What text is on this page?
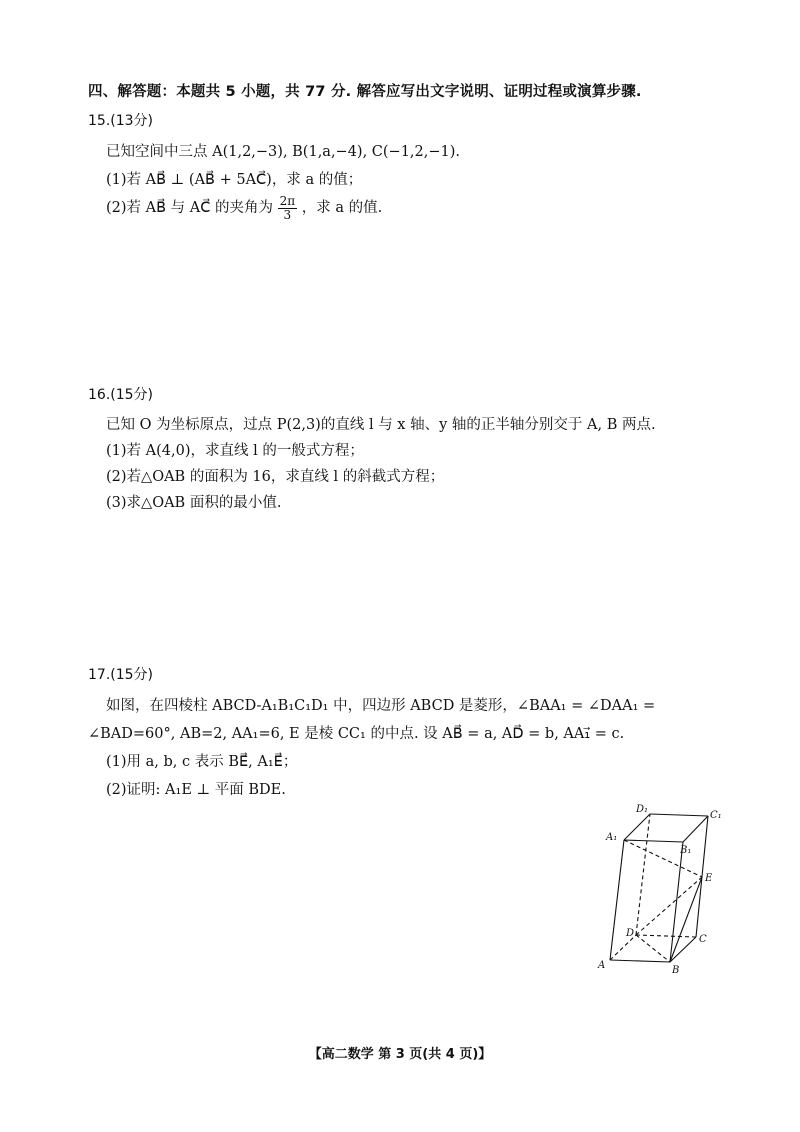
四、解答题：本题共 5 小题，共 77 分. 解答应写出文字说明、证明过程或演算步骤.
15.(13分)
已知空间中三点 A(1,2,−3), B(1,a,−4), C(−1,2,−1).
(1)若 AB⃗ ⊥ (AB⃗ + 5AC⃗)，求 a 的值；
(2)若 AB⃗ 与 AC⃗ 的夹角为 $\frac{2\pi}{3}$ ，求 a 的值.
16.(15分)
已知 O 为坐标原点，过点 P(2,3)的直线 l 与 x 轴、y 轴的正半轴分别交于 A, B 两点.
(1)若 A(4,0)，求直线 l 的一般式方程；
(2)若△OAB 的面积为 16，求直线 l 的斜截式方程；
(3)求△OAB 面积的最小值.
17.(15分)
如图，在四棱柱 ABCD-A₁B₁C₁D₁ 中，四边形 ABCD 是菱形，∠BAA₁ = ∠DAA₁ =
∠BAD=60°, AB=2, AA₁=6, E 是棱 CC₁ 的中点. 设 AB⃗ = a, AD⃗ = b, AA₁⃗ = c.
(1)用 a, b, c 表示 BE⃗, A₁E⃗；
(2)证明: A₁E ⊥ 平面 BDE.
A	B
C
D
A₁
B₁
C₁
D₁
E
【高二数学 第 3 页(共 4 页)】
